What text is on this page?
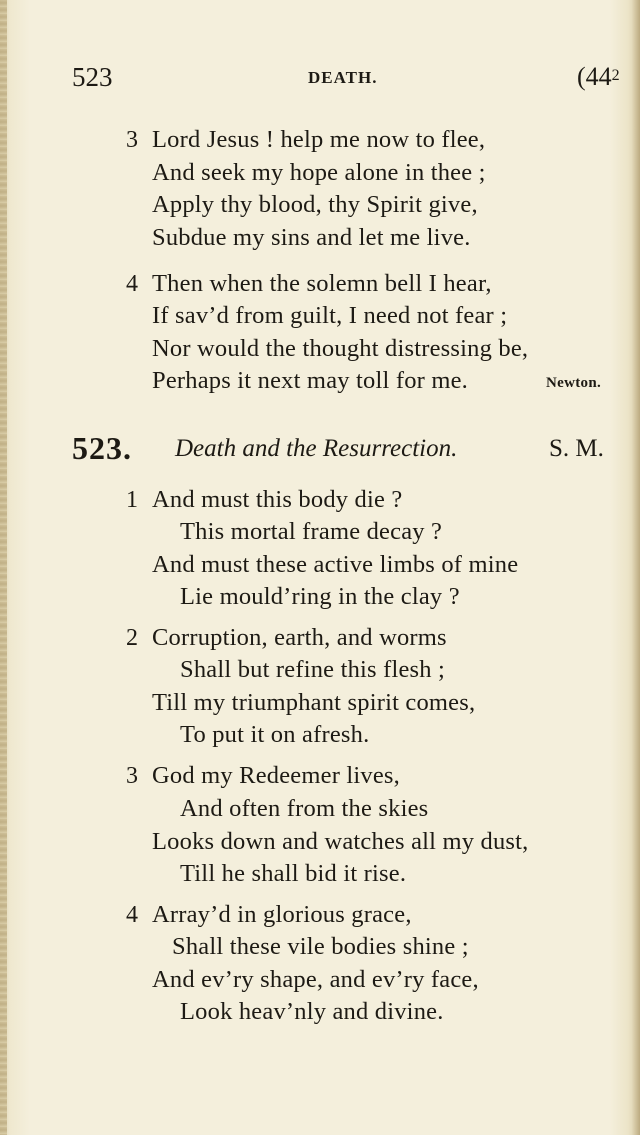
523	DEATH.	(442
3 Lord Jesus ! help me now to flee,
And seek my hope alone in thee ;
Apply thy blood, thy Spirit give,
Subdue my sins and let me live.
4 Then when the solemn bell I hear,
If sav’d from guilt, I need not fear ;
Nor would the thought distressing be,
Perhaps it next may toll for me.	Newton.
523. Death and the Resurrection.	S. M.
1 And must this body die ?
This mortal frame decay ?
And must these active limbs of mine
Lie mould’ring in the clay ?
2 Corruption, earth, and worms
Shall but refine this flesh ;
Till my triumphant spirit comes,
To put it on afresh.
3 God my Redeemer lives,
And often from the skies
Looks down and watches all my dust,
Till he shall bid it rise.
4 Array’d in glorious grace,
Shall these vile bodies shine ;
And ev’ry shape, and ev’ry face,
Look heav’nly and divine.
